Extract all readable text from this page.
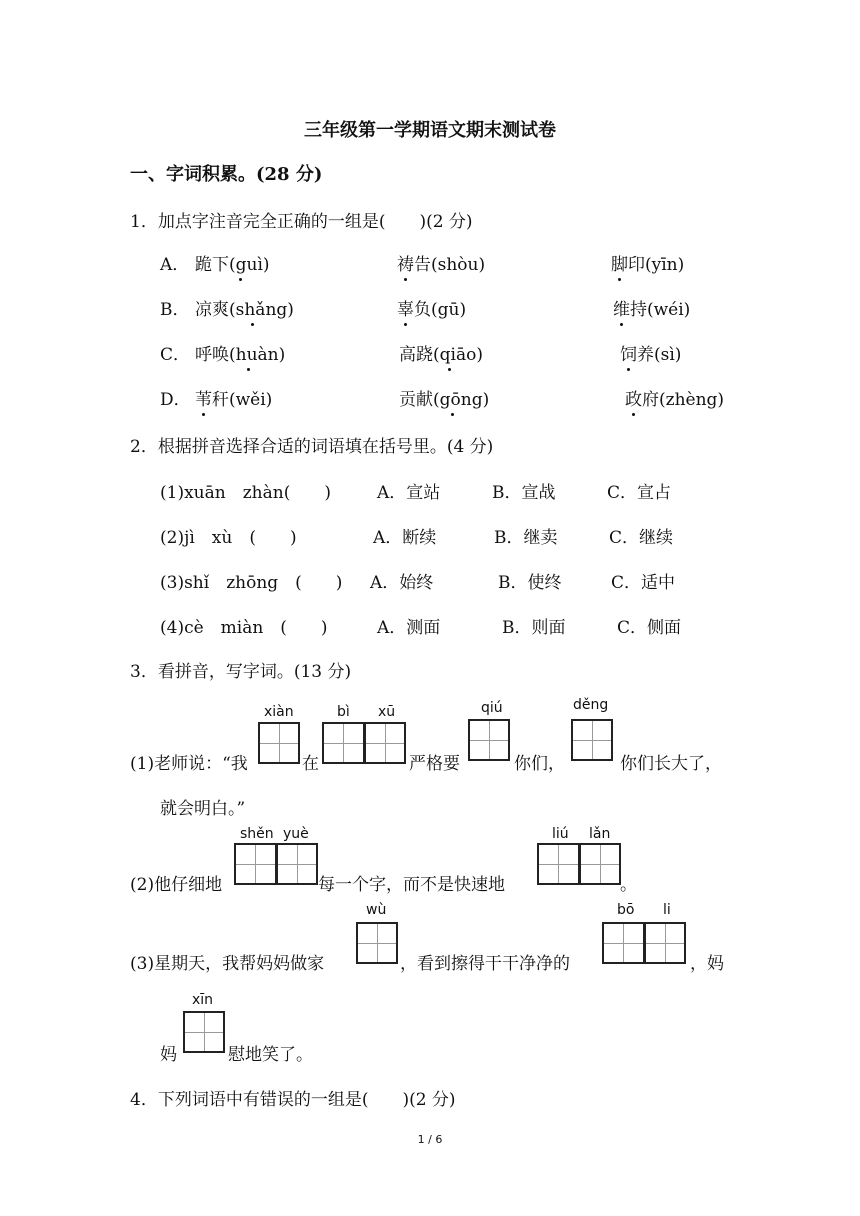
三年级第一学期语文期末测试卷
一、字词积累。(28 分)
1．加点字注音完全正确的一组是(　　)(2 分)
A． 跪下(guì)	祷告(shòu)	脚印(yīn)
B． 凉爽(shǎng)	辜负(gū)	维持(wéi)
C． 呼唤(huàn)	高跷(qiāo)	饲养(sì)
D． 苇秆(wěi)	贡献(gōng)	政府(zhèng)
2．根据拼音选择合适的词语填在括号里。(4 分)
(1)xuān　zhàn(　　)	A．宣站	B．宣战	C．宣占
(2)jì　xù　(　　)	A．断续	B．继卖	C．继续
(3)shǐ　zhōng　(　　) A．始终	B．使终	C．适中
(4)cè　miàn　(　　)	A．测面	B．则面	C．侧面
3．看拼音，写字词。(13 分)
xiàn	bì xū	qiú	děng
(1)老师说：“我	在	严格要	你们，	你们长大了，
就会明白。”
shěn yuè	liú lǎn
(2)他仔细地	每一个字，而不是快速地	。
wù	bō li
(3)星期天，我帮妈妈做家	，看到擦得干干净净的	，妈
xīn
妈	慰地笑了。
4．下列词语中有错误的一组是(　　)(2 分)
1 / 6
